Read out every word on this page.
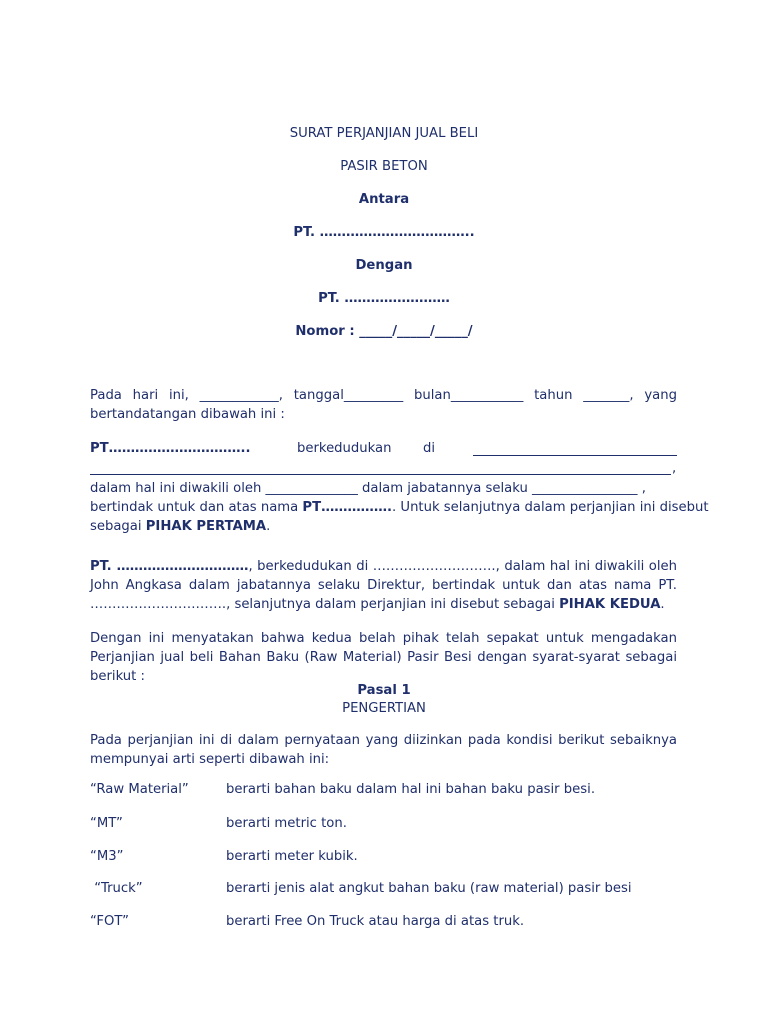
SURAT PERJANJIAN JUAL BELI
PASIR BETON
Antara
PT. ……………………………..
Dengan
PT. ……………………
Nomor : _____/_____/_____/
Pada hari ini, ____________, tanggal_________ bulan___________ tahun _______, yang bertandatangan dibawah ini :
PT…………………………..	berkedudukan di
,
dalam hal ini diwakili oleh ______________ dalam jabatannya selaku ________________ ,
bertindak untuk dan atas nama PT…………….. Untuk selanjutnya dalam perjanjian ini disebut
sebagai PIHAK PERTAMA.
PT. …………………………, berkedudukan di ………………………., dalam hal ini diwakili oleh John Angkasa dalam jabatannya selaku Direktur, bertindak untuk dan atas nama PT. …………………………., selanjutnya dalam perjanjian ini disebut sebagai PIHAK KEDUA.
Dengan ini menyatakan bahwa kedua belah pihak telah sepakat untuk mengadakan Perjanjian jual beli Bahan Baku (Raw Material) Pasir Besi dengan syarat-syarat sebagai berikut :
Pasal 1
PENGERTIAN
Pada perjanjian ini di dalam pernyataan yang diizinkan pada kondisi berikut sebaiknya mempunyai arti seperti dibawah ini:
“Raw Material”	berarti bahan baku dalam hal ini bahan baku pasir besi.
“MT”	berarti metric ton.
“M3”	berarti meter kubik.
“Truck”	berarti jenis alat angkut bahan baku (raw material) pasir besi
“FOT”	berarti Free On Truck atau harga di atas truk.
